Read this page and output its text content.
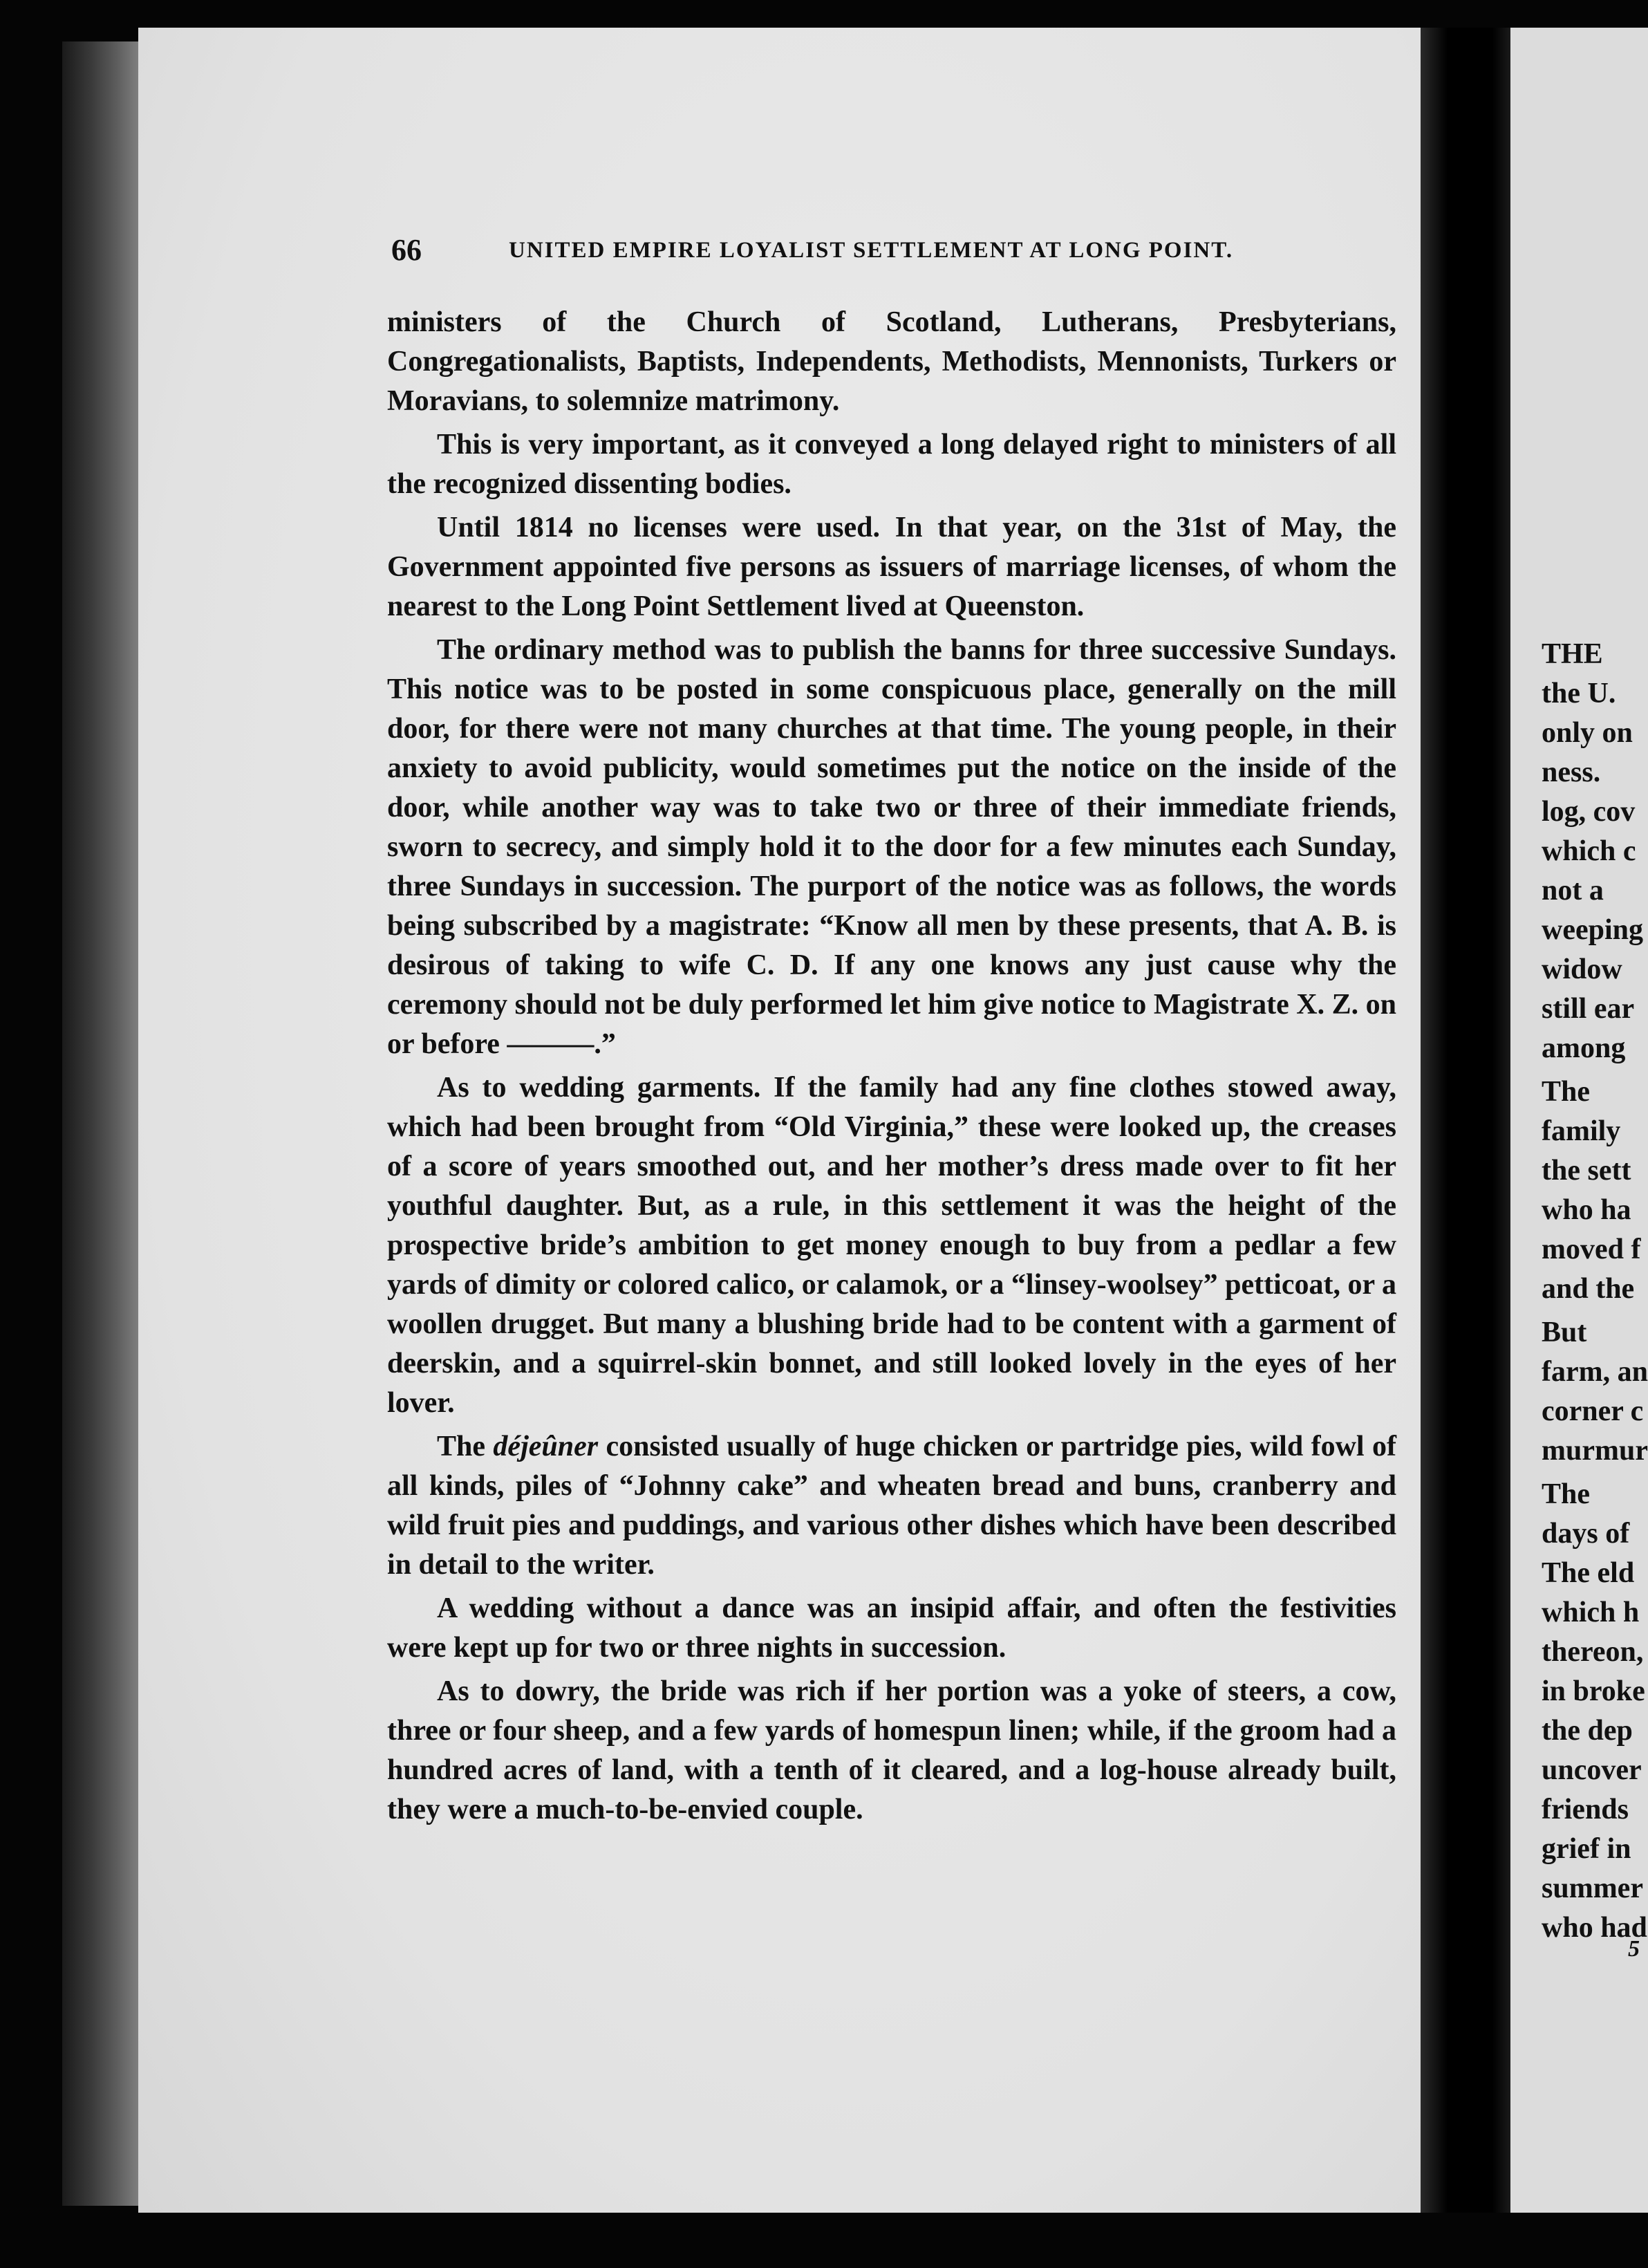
66	UNITED EMPIRE LOYALIST SETTLEMENT AT LONG POINT.

ministers of the Church of Scotland, Lutherans, Presbyterians, Congregationalists, Baptists, Independents, Methodists, Mennonists, Turkers or Moravians, to solemnize matrimony.

This is very important, as it conveyed a long delayed right to ministers of all the recognized dissenting bodies.

Until 1814 no licenses were used. In that year, on the 31st of May, the Government appointed five persons as issuers of marriage licenses, of whom the nearest to the Long Point Settlement lived at Queenston.

The ordinary method was to publish the banns for three successive Sundays. This notice was to be posted in some conspicuous place, generally on the mill door, for there were not many churches at that time. The young people, in their anxiety to avoid publicity, would sometimes put the notice on the inside of the door, while another way was to take two or three of their immediate friends, sworn to secrecy, and simply hold it to the door for a few minutes each Sunday, three Sundays in succession. The purport of the notice was as follows, the words being subscribed by a magistrate: “Know all men by these presents, that A. B. is desirous of taking to wife C. D. If any one knows any just cause why the ceremony should not be duly performed let him give notice to Magistrate X. Z. on or before ———.”

As to wedding garments. If the family had any fine clothes stowed away, which had been brought from “Old Virginia,” these were looked up, the creases of a score of years smoothed out, and her mother’s dress made over to fit her youthful daughter. But, as a rule, in this settlement it was the height of the prospective bride’s ambition to get money enough to buy from a pedlar a few yards of dimity or colored calico, or calamok, or a “linsey-woolsey” petticoat, or a woollen drugget. But many a blushing bride had to be content with a garment of deerskin, and a squirrel-skin bonnet, and still looked lovely in the eyes of her lover.

The déjeûner consisted usually of huge chicken or partridge pies, wild fowl of all kinds, piles of “Johnny cake” and wheaten bread and buns, cranberry and wild fruit pies and puddings, and various other dishes which have been described in detail to the writer.

A wedding without a dance was an insipid affair, and often the festivities were kept up for two or three nights in succession.

As to dowry, the bride was rich if her portion was a yoke of steers, a cow, three or four sheep, and a few yards of homespun linen; while, if the groom had a hundred acres of land, with a tenth of it cleared, and a log-house already built, they were a much-to-be-envied couple.

THE
the U.
only on
ness.
log, cov
which c
not a
weeping
widow
still ear
among
The
family
the sett
who ha
moved f
and the
But
farm, an
corner c
murmur
The
days of
The eld
which h
thereon,
in broke
the dep
uncover
friends
grief in
summer
who had
5
